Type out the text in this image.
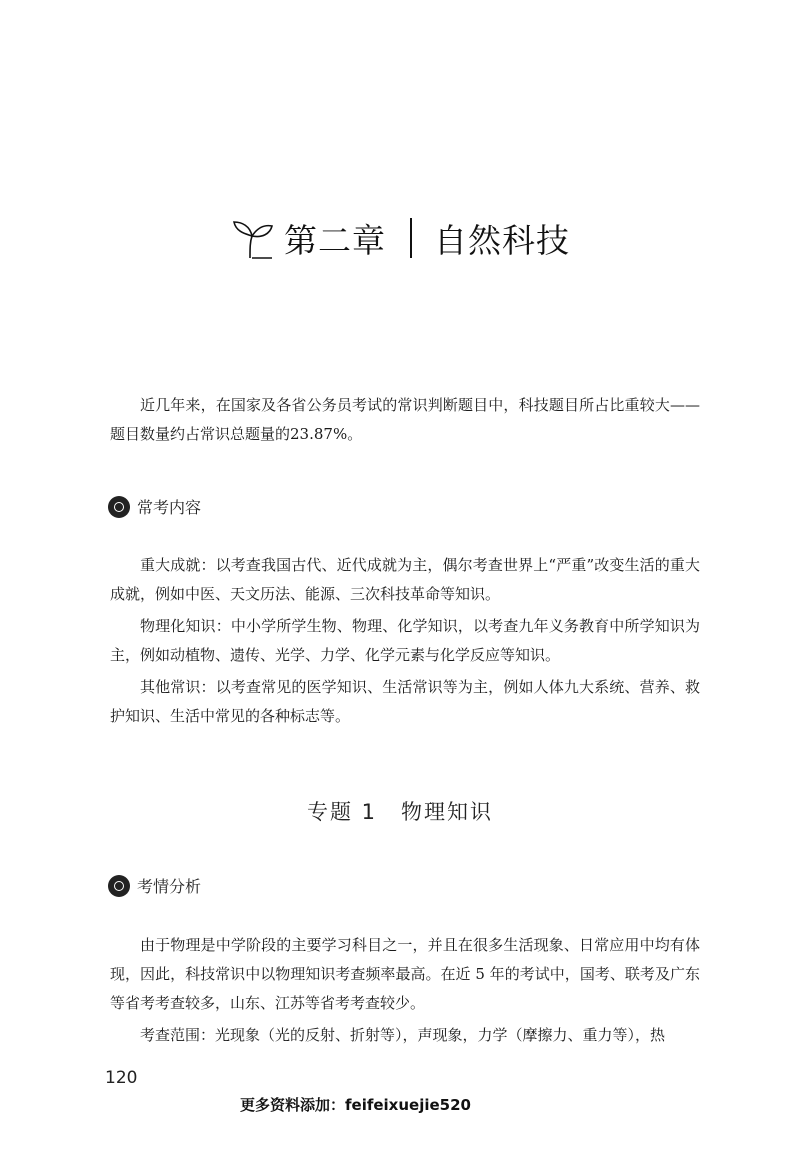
第二章 自然科技

近几年来，在国家及各省公务员考试的常识判断题目中，科技题目所占比重较大——题目数量约占常识总题量的23.87%。

常考内容

重大成就：以考查我国古代、近代成就为主，偶尔考查世界上“严重”改变生活的重大成就，例如中医、天文历法、能源、三次科技革命等知识。

物理化知识：中小学所学生物、物理、化学知识，以考查九年义务教育中所学知识为主，例如动植物、遗传、光学、力学、化学元素与化学反应等知识。

其他常识：以考查常见的医学知识、生活常识等为主，例如人体九大系统、营养、救护知识、生活中常见的各种标志等。

专题 1 物理知识
考情分析

由于物理是中学阶段的主要学习科目之一，并且在很多生活现象、日常应用中均有体现，因此，科技常识中以物理知识考查频率最高。在近 5 年的考试中，国考、联考及广东等省考考查较多，山东、江苏等省考考查较少。

考查范围：光现象（光的反射、折射等），声现象，力学（摩擦力、重力等），热

120
更多资料添加：feifeixuejie520
